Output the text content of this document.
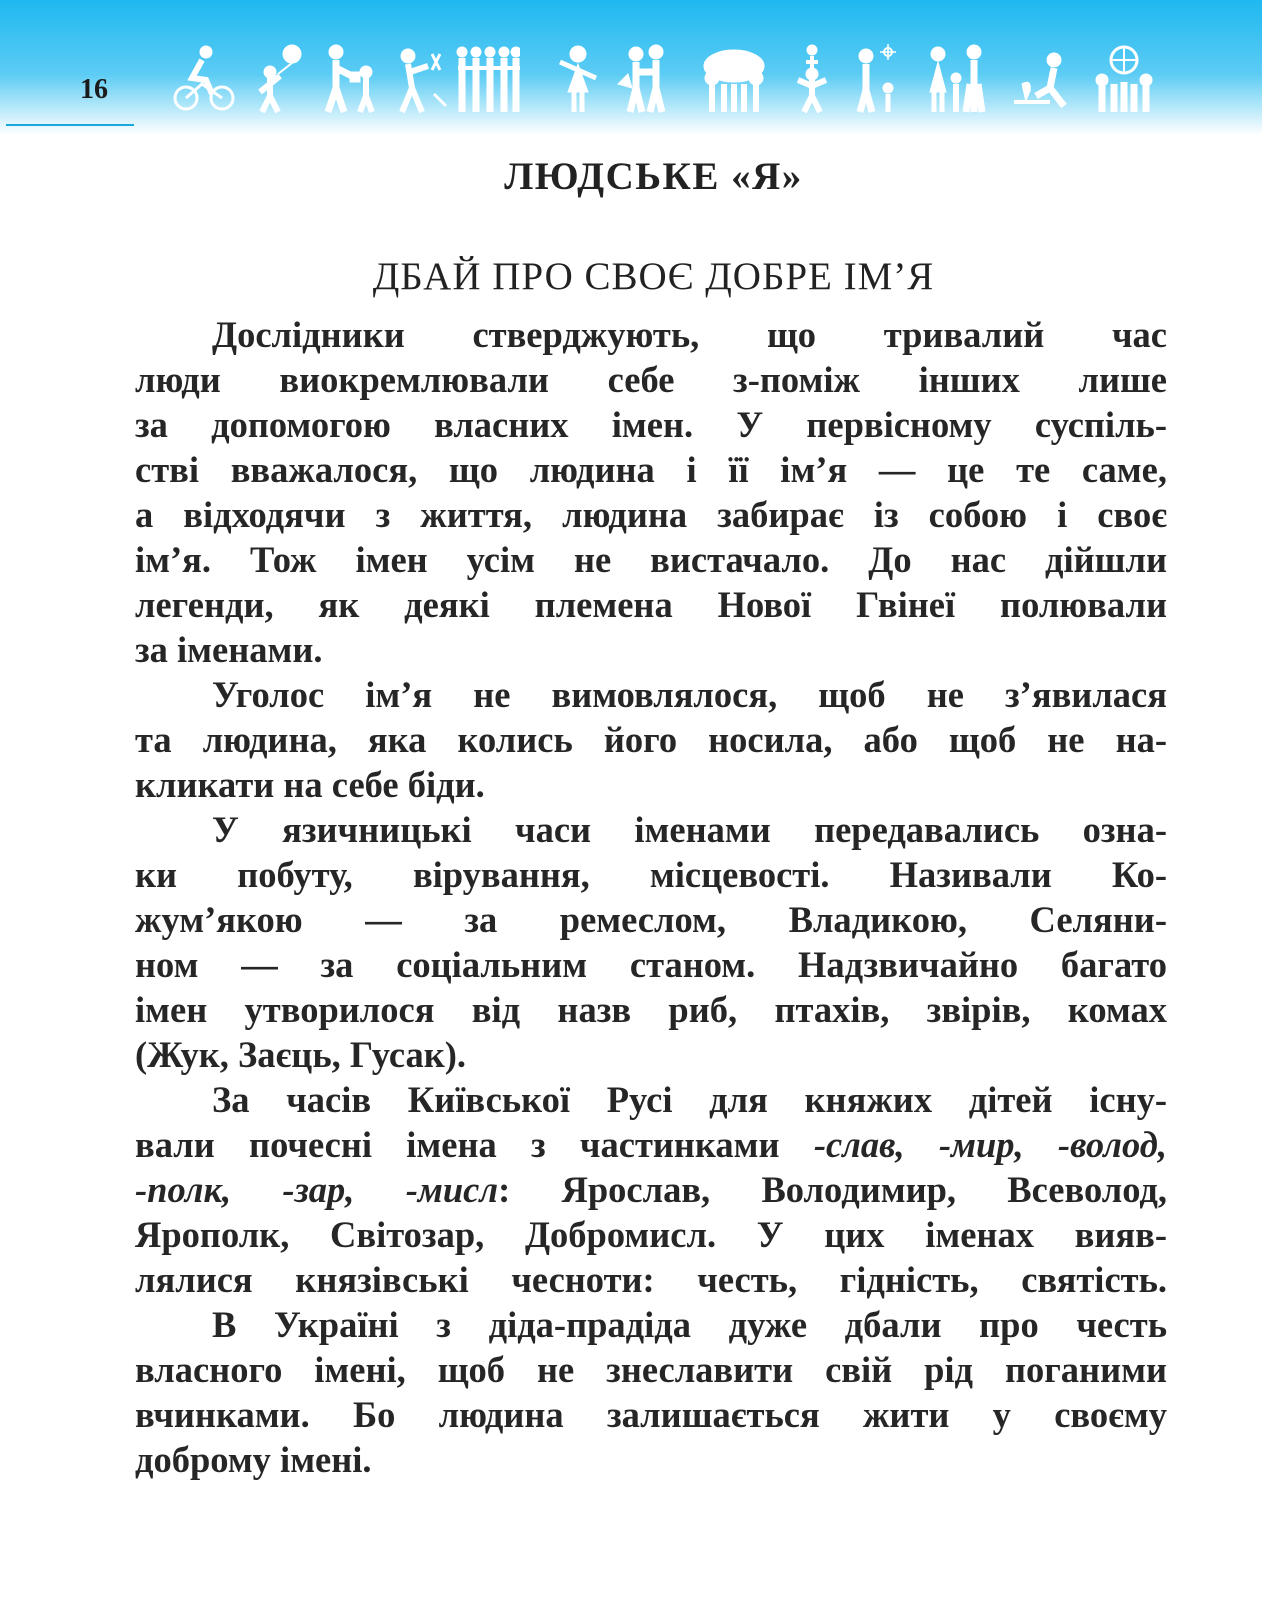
16
ЛЮДСЬКЕ «Я»
ДБАЙ ПРО СВОЄ ДОБРЕ ІМ’Я
Дослідники стверджують, що тривалий час
люди виокремлювали себе з-поміж інших лише
за допомогою власних імен. У первісному суспіль-
стві вважалося, що людина і її ім’я — це те саме,
а відходячи з життя, людина забирає із собою і своє
ім’я. Тож імен усім не вистачало. До нас дійшли
легенди, як деякі племена Нової Гвінеї полювали
за іменами.
Уголос ім’я не вимовлялося, щоб не з’явилася
та людина, яка колись його носила, або щоб не на-
кликати на себе біди.
У язичницькі часи іменами передавались озна-
ки побуту, вірування, місцевості. Називали Ко-
жум’якою — за ремеслом, Владикою, Селяни-
ном — за соціальним станом. Надзвичайно багато
імен утворилося від назв риб, птахів, звірів, комах
(Жук, Заєць, Гусак).
За часів Київської Русі для княжих дітей існу-
вали почесні імена з частинками -слав, -мир, -волод,
-полк, -зар, -мисл: Ярослав, Володимир, Всеволод,
Ярополк, Світозар, Добромисл. У цих іменах вияв-
лялися князівські чесноти: честь, гідність, святість.
В Україні з діда-прадіда дуже дбали про честь
власного імені, щоб не знеславити свій рід поганими
вчинками. Бо людина залишається жити у своєму
доброму імені.
